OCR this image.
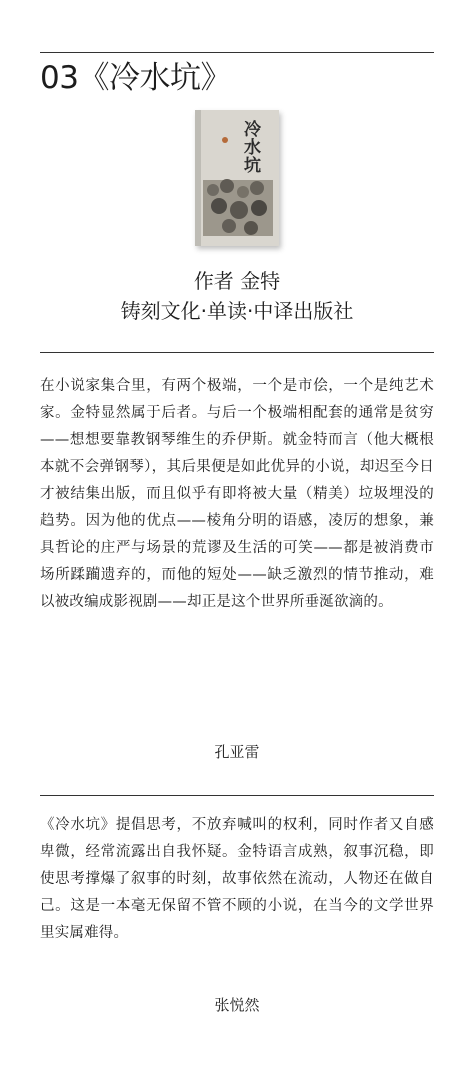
03《冷水坑》
冷水坑
作者 金特
铸刻文化·单读·中译出版社

在小说家集合里，有两个极端，一个是市侩，一个是纯艺术家。金特显然属于后者。与后一个极端相配套的通常是贫穷——想想要靠教钢琴维生的乔伊斯。就金特而言（他大概根本就不会弹钢琴），其后果便是如此优异的小说，却迟至今日才被结集出版，而且似乎有即将被大量（精美）垃圾埋没的趋势。因为他的优点——棱角分明的语感，凌厉的想象，兼具哲论的庄严与场景的荒谬及生活的可笑——都是被消费市场所蹂躏遗弃的，而他的短处——缺乏激烈的情节推动，难以被改编成影视剧——却正是这个世界所垂涎欲滴的。

孔亚雷

《冷水坑》提倡思考，不放弃喊叫的权利，同时作者又自感卑微，经常流露出自我怀疑。金特语言成熟，叙事沉稳，即使思考撑爆了叙事的时刻，故事依然在流动，人物还在做自己。这是一本毫无保留不管不顾的小说，在当今的文学世界里实属难得。

张悦然
